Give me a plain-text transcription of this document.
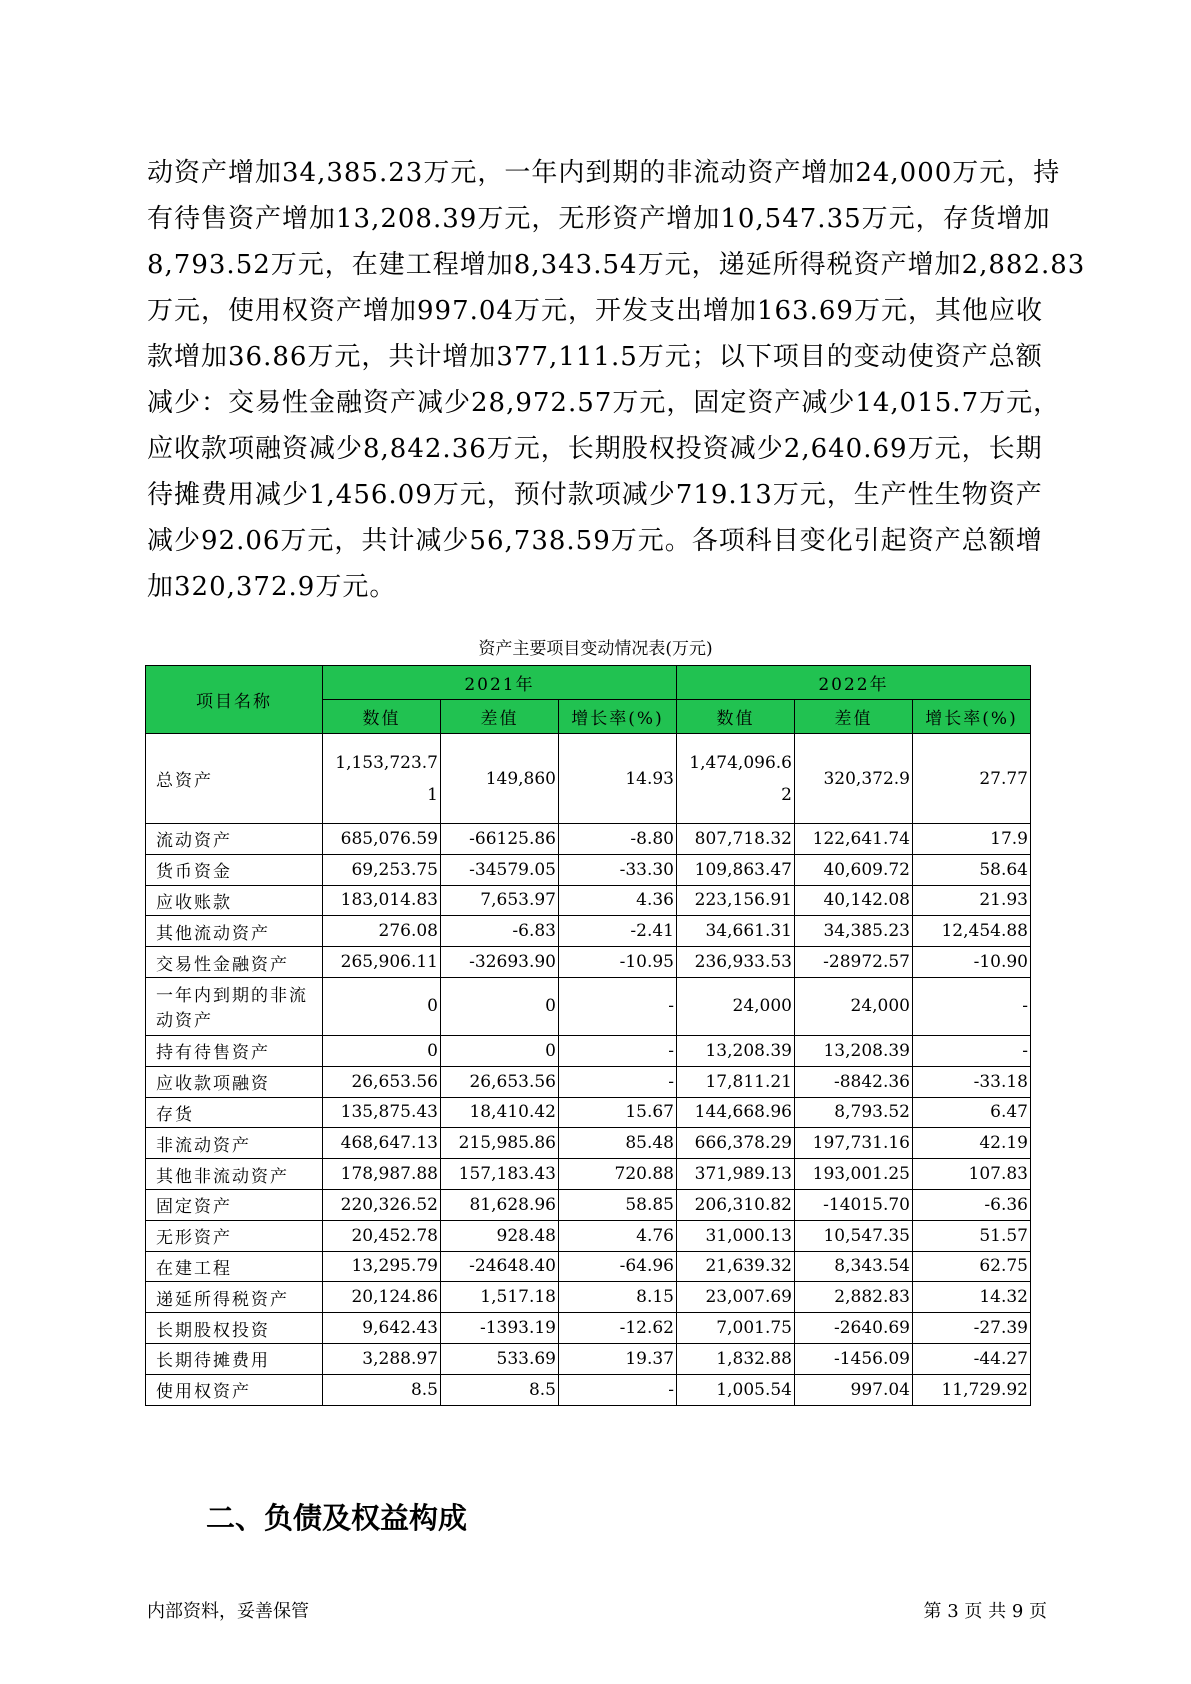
动资产增加34,385.23万元，一年内到期的非流动资产增加24,000万元，持

有待售资产增加13,208.39万元，无形资产增加10,547.35万元，存货增加

8,793.52万元，在建工程增加8,343.54万元，递延所得税资产增加2,882.83

万元，使用权资产增加997.04万元，开发支出增加163.69万元，其他应收

款增加36.86万元，共计增加377,111.5万元；以下项目的变动使资产总额

减少：交易性金融资产减少28,972.57万元，固定资产减少14,015.7万元，

应收款项融资减少8,842.36万元，长期股权投资减少2,640.69万元，长期

待摊费用减少1,456.09万元，预付款项减少719.13万元，生产性生物资产

减少92.06万元，共计减少56,738.59万元。各项科目变化引起资产总额增

加320,372.9万元。

资产主要项目变动情况表(万元)
项目名称	2021年			2022年		
	数值	差值	增长率(%)	数值	差值	增长率(%)
总资产	1,153,723.71	149,860	14.93	1,474,096.62	320,372.9	27.77
流动资产	685,076.59	-66125.86	-8.80	807,718.32	122,641.74	17.9
货币资金	69,253.75	-34579.05	-33.30	109,863.47	40,609.72	58.64
应收账款	183,014.83	7,653.97	4.36	223,156.91	40,142.08	21.93
其他流动资产	276.08	-6.83	-2.41	34,661.31	34,385.23	12,454.88
交易性金融资产	265,906.11	-32693.90	-10.95	236,933.53	-28972.57	-10.90
一年内到期的非流动资产	0	0	-	24,000	24,000	-
持有待售资产	0	0	-	13,208.39	13,208.39	-
应收款项融资	26,653.56	26,653.56	-	17,811.21	-8842.36	-33.18
存货	135,875.43	18,410.42	15.67	144,668.96	8,793.52	6.47
非流动资产	468,647.13	215,985.86	85.48	666,378.29	197,731.16	42.19
其他非流动资产	178,987.88	157,183.43	720.88	371,989.13	193,001.25	107.83
固定资产	220,326.52	81,628.96	58.85	206,310.82	-14015.70	-6.36
无形资产	20,452.78	928.48	4.76	31,000.13	10,547.35	51.57
在建工程	13,295.79	-24648.40	-64.96	21,639.32	8,343.54	62.75
递延所得税资产	20,124.86	1,517.18	8.15	23,007.69	2,882.83	14.32
长期股权投资	9,642.43	-1393.19	-12.62	7,001.75	-2640.69	-27.39
长期待摊费用	3,288.97	533.69	19.37	1,832.88	-1456.09	-44.27
使用权资产	8.5	8.5	-	1,005.54	997.04	11,729.92
二、负债及权益构成
内部资料，妥善保管	第 3 页 共 9 页
